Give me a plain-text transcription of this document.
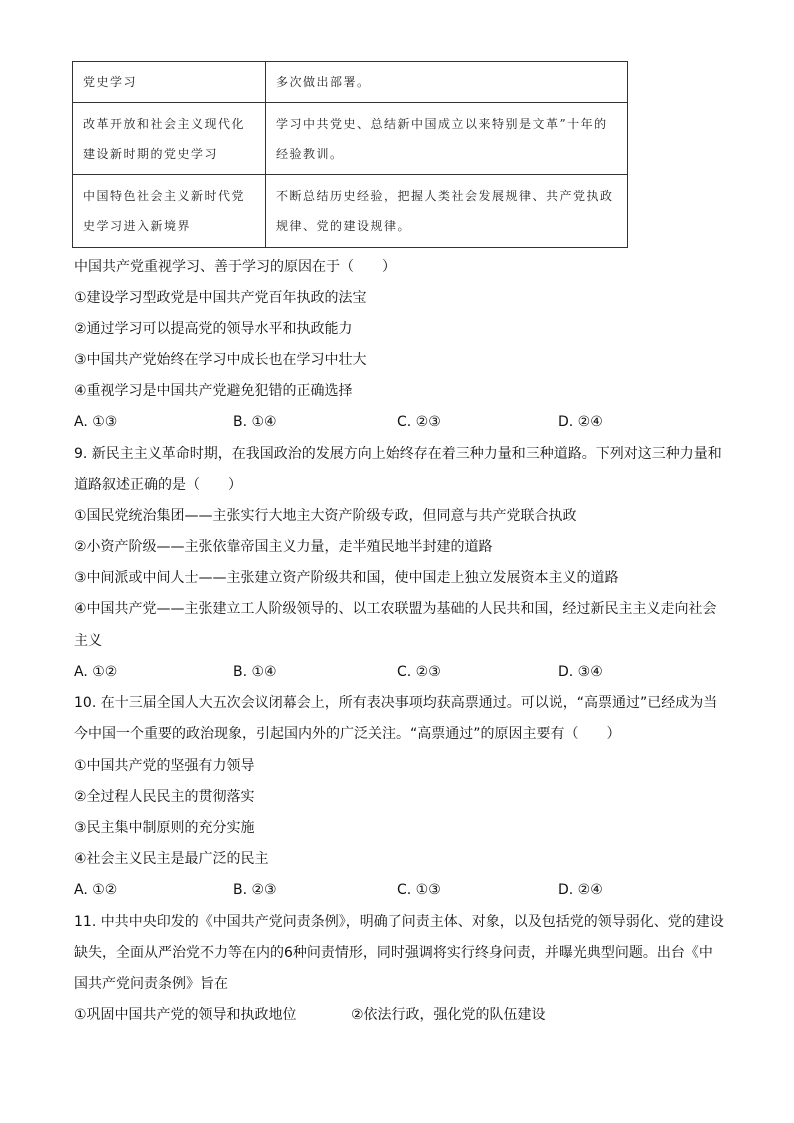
党史学习	多次做出部署。
改革开放和社会主义现代化建设新时期的党史学习	学习中共党史、总结新中国成立以来特别是文革”十年的经验教训。
中国特色社会主义新时代党史学习进入新境界	不断总结历史经验，把握人类社会发展规律、共产党执政规律、党的建设规律。
中国共产党重视学习、善于学习的原因在于（　　）
①建设学习型政党是中国共产党百年执政的法宝
②通过学习可以提高党的领导水平和执政能力
③中国共产党始终在学习中成长也在学习中壮大
④重视学习是中国共产党避免犯错的正确选择
A. ①③	B. ①④	C. ②③	D. ②④
9. 新民主主义革命时期，在我国政治的发展方向上始终存在着三种力量和三种道路。下列对这三种力量和
道路叙述正确的是（　　）
①国民党统治集团——主张实行大地主大资产阶级专政，但同意与共产党联合执政
②小资产阶级——主张依靠帝国主义力量，走半殖民地半封建的道路
③中间派或中间人士——主张建立资产阶级共和国，使中国走上独立发展资本主义的道路
④中国共产党——主张建立工人阶级领导的、以工农联盟为基础的人民共和国，经过新民主主义走向社会
主义
A. ①②	B. ①④	C. ②③	D. ③④
10. 在十三届全国人大五次会议闭幕会上，所有表决事项均获高票通过。可以说，“高票通过”已经成为当
今中国一个重要的政治现象，引起国内外的广泛关注。“高票通过”的原因主要有（　　）
①中国共产党的坚强有力领导
②全过程人民民主的贯彻落实
③民主集中制原则的充分实施
④社会主义民主是最广泛的民主
A. ①②	B. ②③	C. ①③	D. ②④
11. 中共中央印发的《中国共产党问责条例》，明确了问责主体、对象，以及包括党的领导弱化、党的建设
缺失，全面从严治党不力等在内的6种问责情形，同时强调将实行终身问责，并曝光典型问题。出台《中
国共产党问责条例》旨在
①巩固中国共产党的领导和执政地位	②依法行政，强化党的队伍建设
